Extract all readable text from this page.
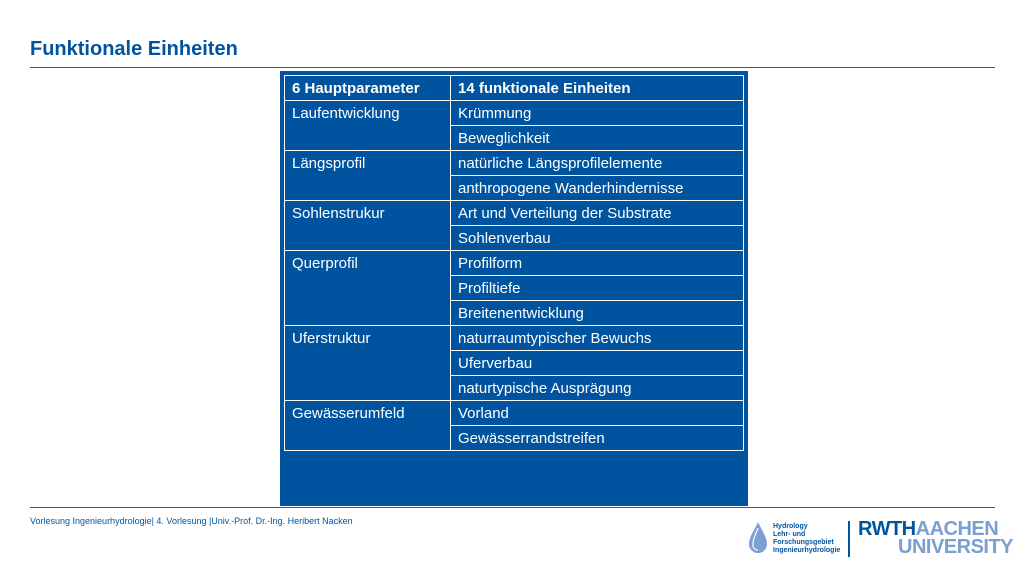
Funktionale Einheiten
6 Hauptparameter	14 funktionale Einheiten
Laufentwicklung	Krümmung
	Beweglichkeit
Längsprofil	natürliche Längsprofilelemente
	anthropogene Wanderhindernisse
Sohlenstrukur	Art und Verteilung der Substrate
	Sohlenverbau
Querprofil	Profilform
	Profiltiefe
	Breitenentwicklung
Uferstruktur	naturraumtypischer Bewuchs
	Uferverbau
	naturtypische Ausprägung
Gewässerumfeld	Vorland
	Gewässerrandstreifen
Vorlesung Ingenieurhydrologie| 4. Vorlesung |Univ.-Prof. Dr.-Ing. Heribert Nacken
Hydrology
Lehr- und
Forschungsgebiet
Ingenieurhydrologie
RWTHAACHEN
UNIVERSITY
